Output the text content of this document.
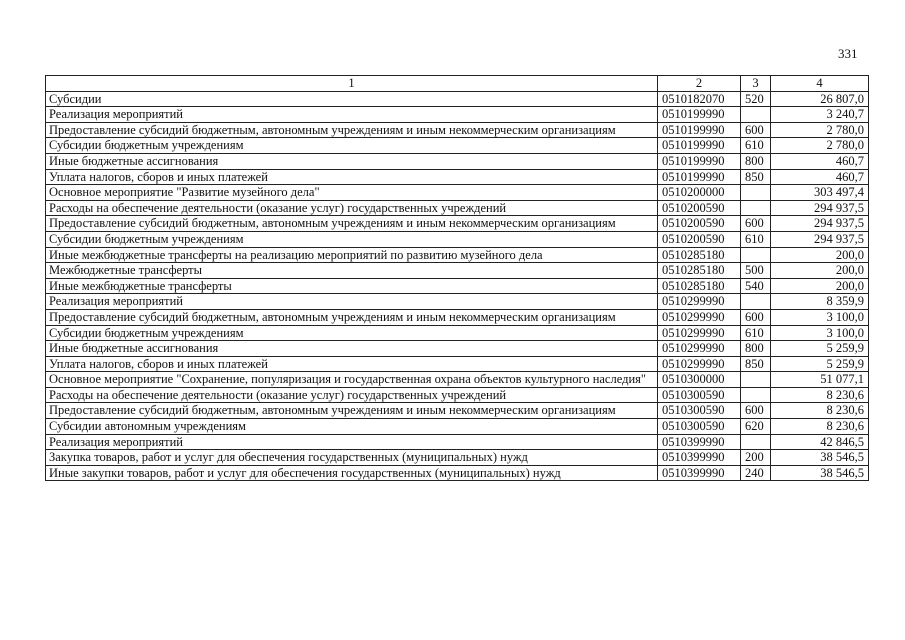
331
1	2	3	4
Субсидии	0510182070	520	26 807,0
Реализация мероприятий	0510199990		3 240,7
Предоставление субсидий бюджетным, автономным учреждениям и иным некоммерческим организациям	0510199990	600	2 780,0
Субсидии бюджетным учреждениям	0510199990	610	2 780,0
Иные бюджетные ассигнования	0510199990	800	460,7
Уплата налогов, сборов и иных платежей	0510199990	850	460,7
Основное мероприятие "Развитие музейного дела"	0510200000		303 497,4
Расходы на обеспечение деятельности (оказание услуг) государственных учреждений	0510200590		294 937,5
Предоставление субсидий бюджетным, автономным учреждениям и иным некоммерческим организациям	0510200590	600	294 937,5
Субсидии бюджетным учреждениям	0510200590	610	294 937,5
Иные межбюджетные трансферты на реализацию мероприятий по развитию музейного дела	0510285180		200,0
Межбюджетные трансферты	0510285180	500	200,0
Иные межбюджетные трансферты	0510285180	540	200,0
Реализация мероприятий	0510299990		8 359,9
Предоставление субсидий бюджетным, автономным учреждениям и иным некоммерческим организациям	0510299990	600	3 100,0
Субсидии бюджетным учреждениям	0510299990	610	3 100,0
Иные бюджетные ассигнования	0510299990	800	5 259,9
Уплата налогов, сборов и иных платежей	0510299990	850	5 259,9
Основное мероприятие "Сохранение, популяризация и государственная охрана объектов культурного наследия"	0510300000		51 077,1
Расходы на обеспечение деятельности (оказание услуг) государственных учреждений	0510300590		8 230,6
Предоставление субсидий бюджетным, автономным учреждениям и иным некоммерческим организациям	0510300590	600	8 230,6
Субсидии автономным учреждениям	0510300590	620	8 230,6
Реализация мероприятий	0510399990		42 846,5
Закупка товаров, работ и услуг для обеспечения государственных (муниципальных) нужд	0510399990	200	38 546,5
Иные закупки товаров, работ и услуг для обеспечения государственных (муниципальных) нужд	0510399990	240	38 546,5
